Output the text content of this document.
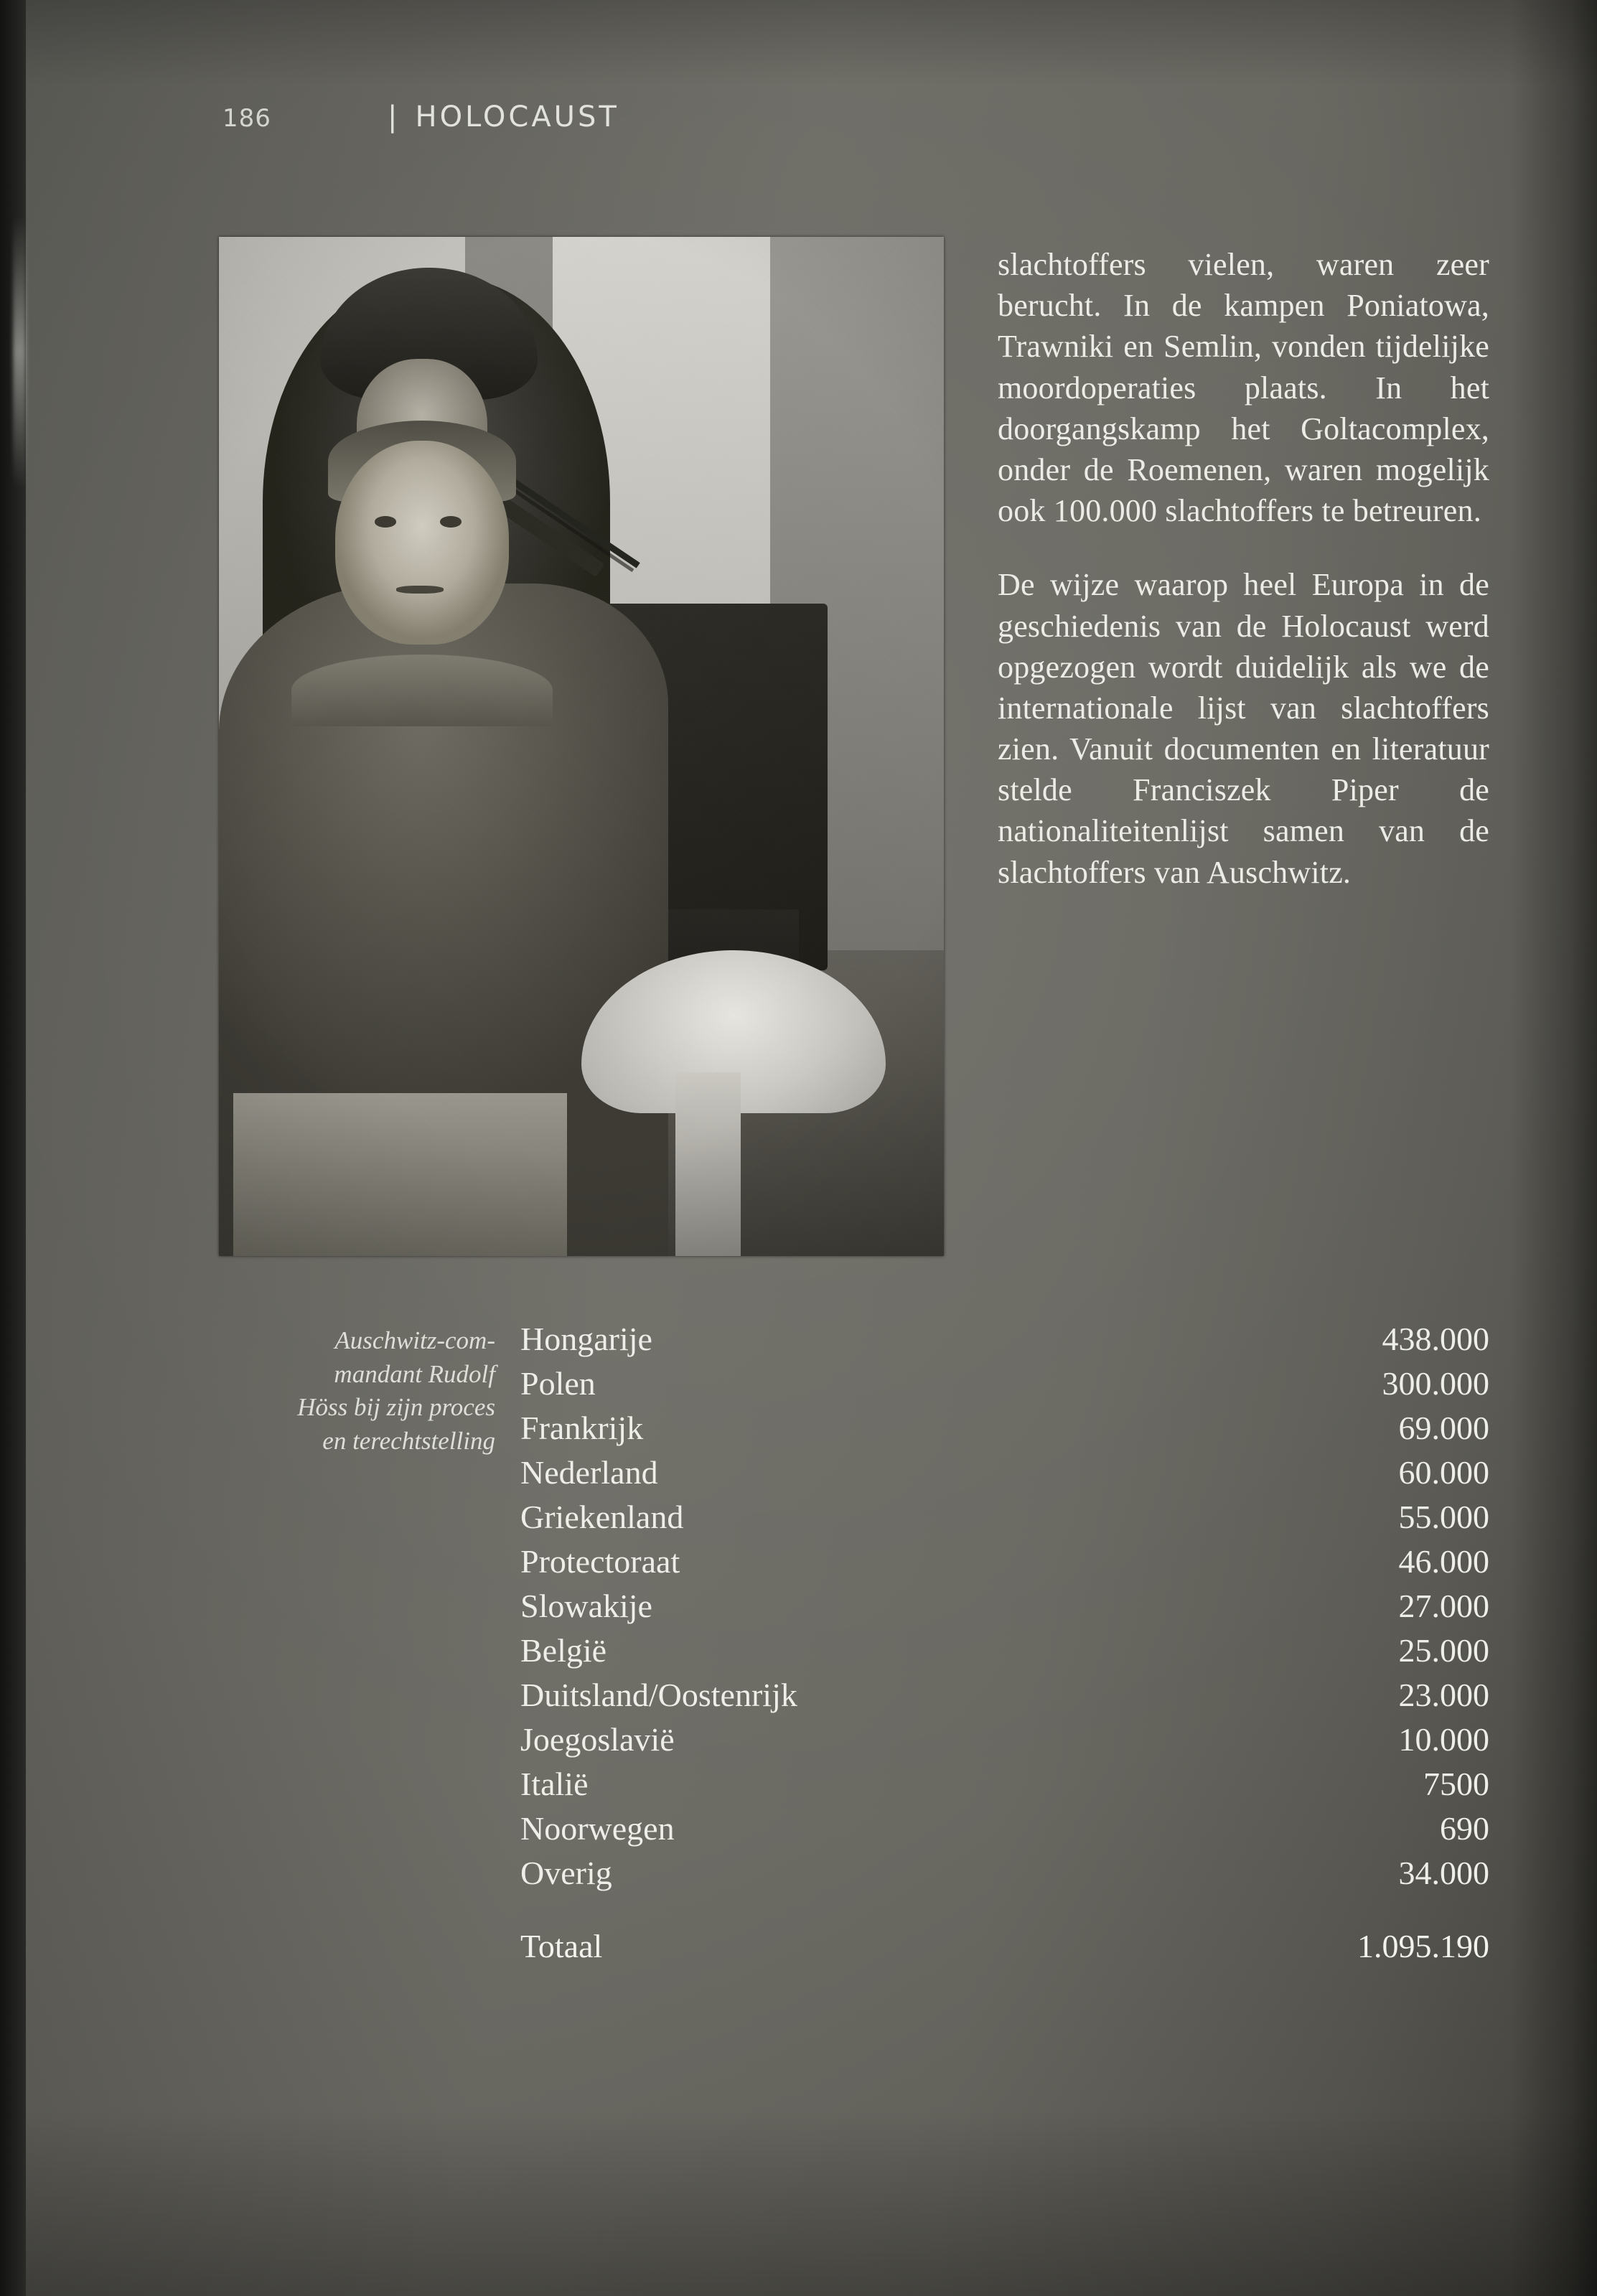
186	| HOLOCAUST

slachtoffers vielen, waren zeer berucht. In de kampen Poniatowa, Trawniki en Semlin, vonden tijdelijke moordoperaties plaats. In het doorgangskamp het Goltacomplex, onder de Roemenen, waren mogelijk ook 100.000 slachtoffers te betreuren.

De wijze waarop heel Europa in de geschiedenis van de Holocaust werd opgezogen wordt duidelijk als we de internationale lijst van slachtoffers zien. Vanuit documenten en literatuur stelde Franciszek Piper de nationaliteitenlijst samen van de slachtoffers van Auschwitz.

Auschwitz-com-
mandant Rudolf
Höss bij zijn proces
en terechtstelling
Hongarije	438.000
Polen	300.000
Frankrijk	69.000
Nederland	60.000
Griekenland	55.000
Protectoraat	46.000
Slowakije	27.000
België	25.000
Duitsland/Oostenrijk	23.000
Joegoslavië	10.000
Italië	7500
Noorwegen	690
Overig	34.000
Totaal	1.095.190
